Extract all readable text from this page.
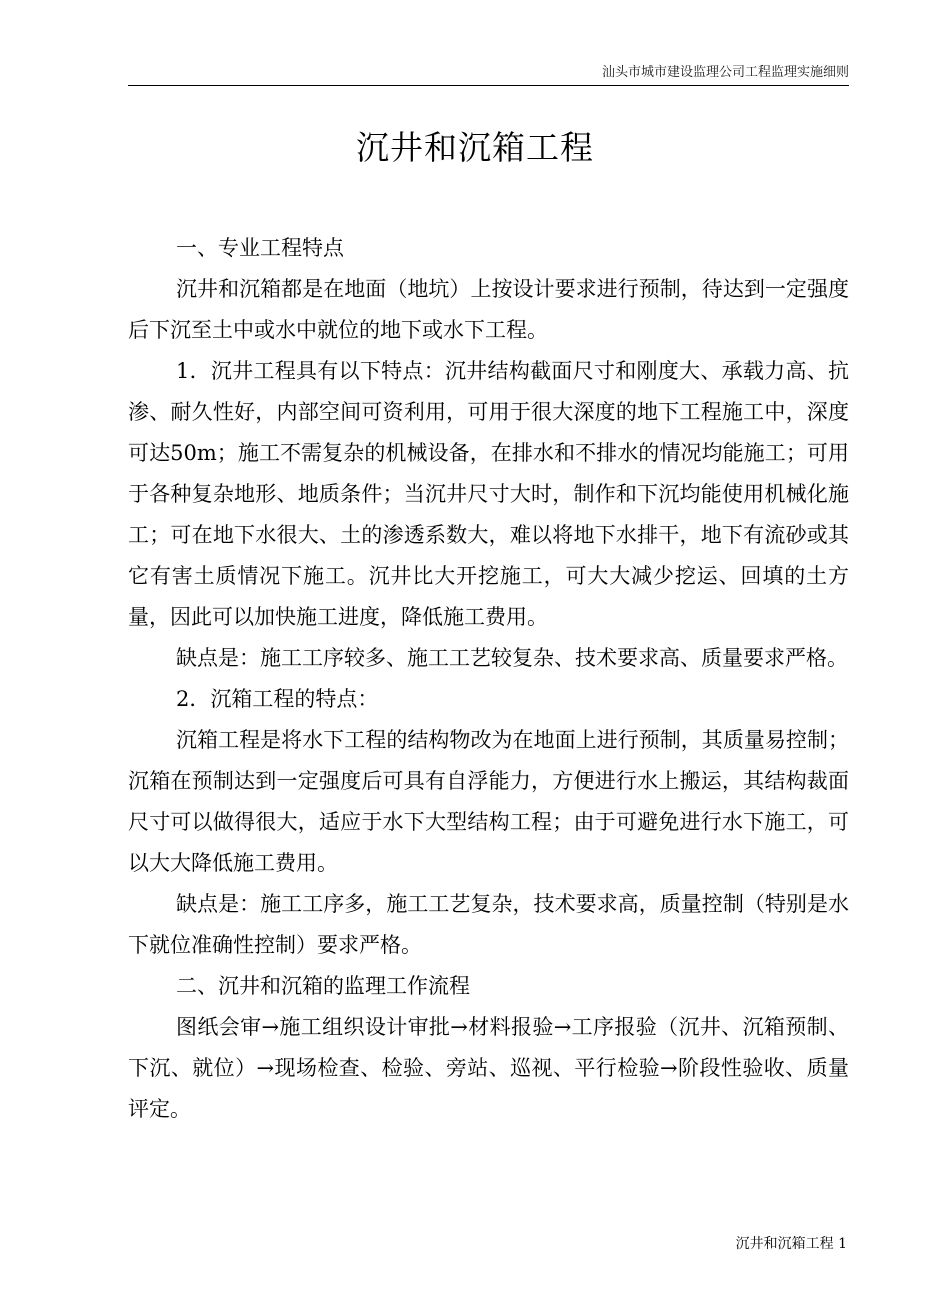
汕头市城市建设监理公司工程监理实施细则
沉井和沉箱工程

一、专业工程特点

沉井和沉箱都是在地面（地坑）上按设计要求进行预制，待达到一定强度后下沉至土中或水中就位的地下或水下工程。

1．沉井工程具有以下特点：沉井结构截面尺寸和刚度大、承载力高、抗渗、耐久性好，内部空间可资利用，可用于很大深度的地下工程施工中，深度可达50m；施工不需复杂的机械设备，在排水和不排水的情况均能施工；可用于各种复杂地形、地质条件；当沉井尺寸大时，制作和下沉均能使用机械化施工；可在地下水很大、土的渗透系数大，难以将地下水排干，地下有流砂或其它有害土质情况下施工。沉井比大开挖施工，可大大减少挖运、回填的土方量，因此可以加快施工进度，降低施工费用。

缺点是：施工工序较多、施工工艺较复杂、技术要求高、质量要求严格。

2．沉箱工程的特点：

沉箱工程是将水下工程的结构物改为在地面上进行预制，其质量易控制；沉箱在预制达到一定强度后可具有自浮能力，方便进行水上搬运，其结构裁面尺寸可以做得很大，适应于水下大型结构工程；由于可避免进行水下施工，可以大大降低施工费用。

缺点是：施工工序多，施工工艺复杂，技术要求高，质量控制（特别是水下就位准确性控制）要求严格。

二、沉井和沉箱的监理工作流程

图纸会审→施工组织设计审批→材料报验→工序报验（沉井、沉箱预制、下沉、就位）→现场检查、检验、旁站、巡视、平行检验→阶段性验收、质量评定。

沉井和沉箱工程 1
